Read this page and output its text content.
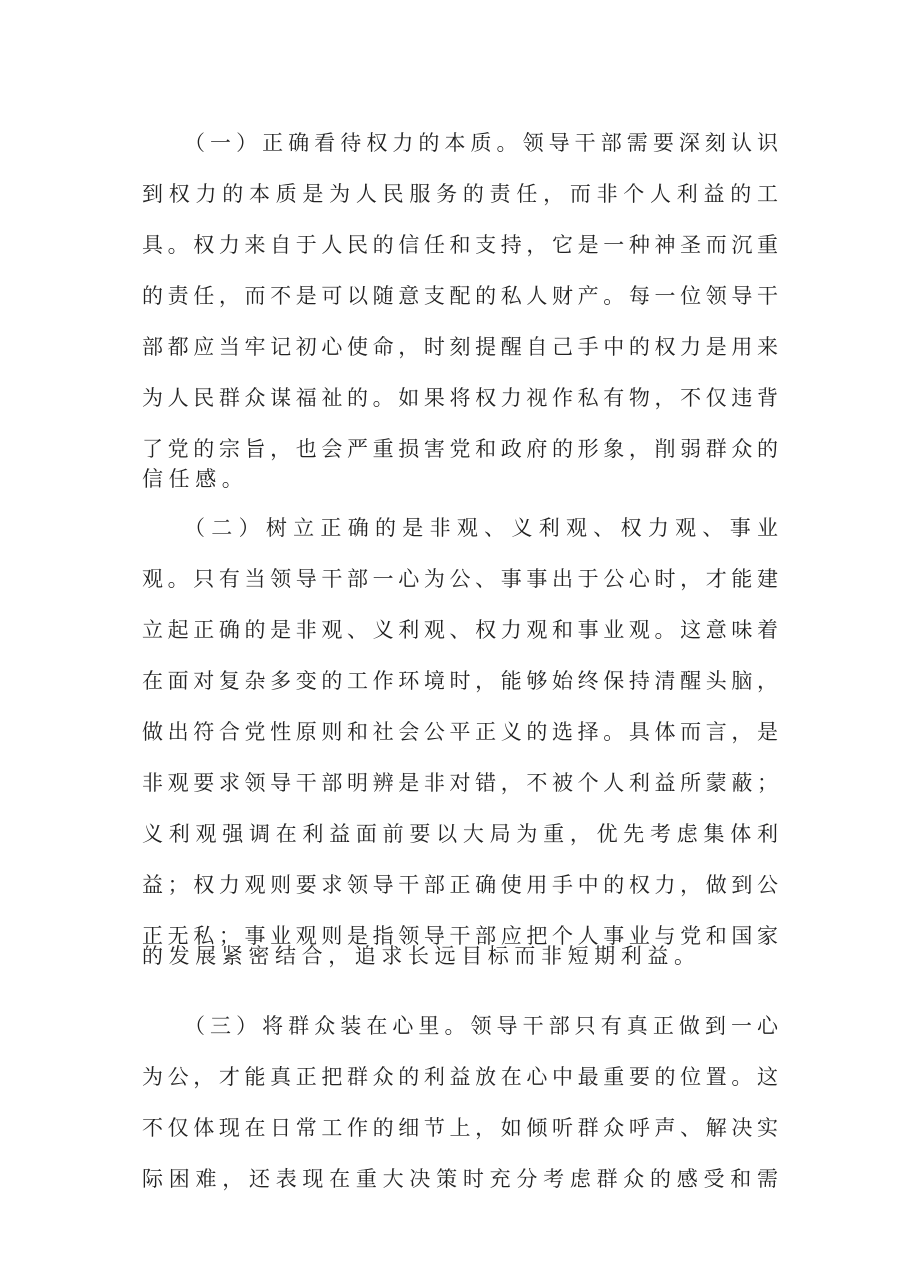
（一）正确看待权力的本质。领导干部需要深刻认识
到权力的本质是为人民服务的责任，而非个人利益的工
具。权力来自于人民的信任和支持，它是一种神圣而沉重
的责任，而不是可以随意支配的私人财产。每一位领导干
部都应当牢记初心使命，时刻提醒自己手中的权力是用来
为人民群众谋福祉的。如果将权力视作私有物，不仅违背
了党的宗旨，也会严重损害党和政府的形象，削弱群众的
信任感。
（二）树立正确的是非观、义利观、权力观、事业
观。只有当领导干部一心为公、事事出于公心时，才能建
立起正确的是非观、义利观、权力观和事业观。这意味着
在面对复杂多变的工作环境时，能够始终保持清醒头脑，
做出符合党性原则和社会公平正义的选择。具体而言，是
非观要求领导干部明辨是非对错，不被个人利益所蒙蔽；
义利观强调在利益面前要以大局为重，优先考虑集体利
益；权力观则要求领导干部正确使用手中的权力，做到公
正无私；事业观则是指领导干部应把个人事业与党和国家
的发展紧密结合，追求长远目标而非短期利益。
（三）将群众装在心里。领导干部只有真正做到一心
为公，才能真正把群众的利益放在心中最重要的位置。这
不仅体现在日常工作的细节上，如倾听群众呼声、解决实
际困难，还表现在重大决策时充分考虑群众的感受和需
